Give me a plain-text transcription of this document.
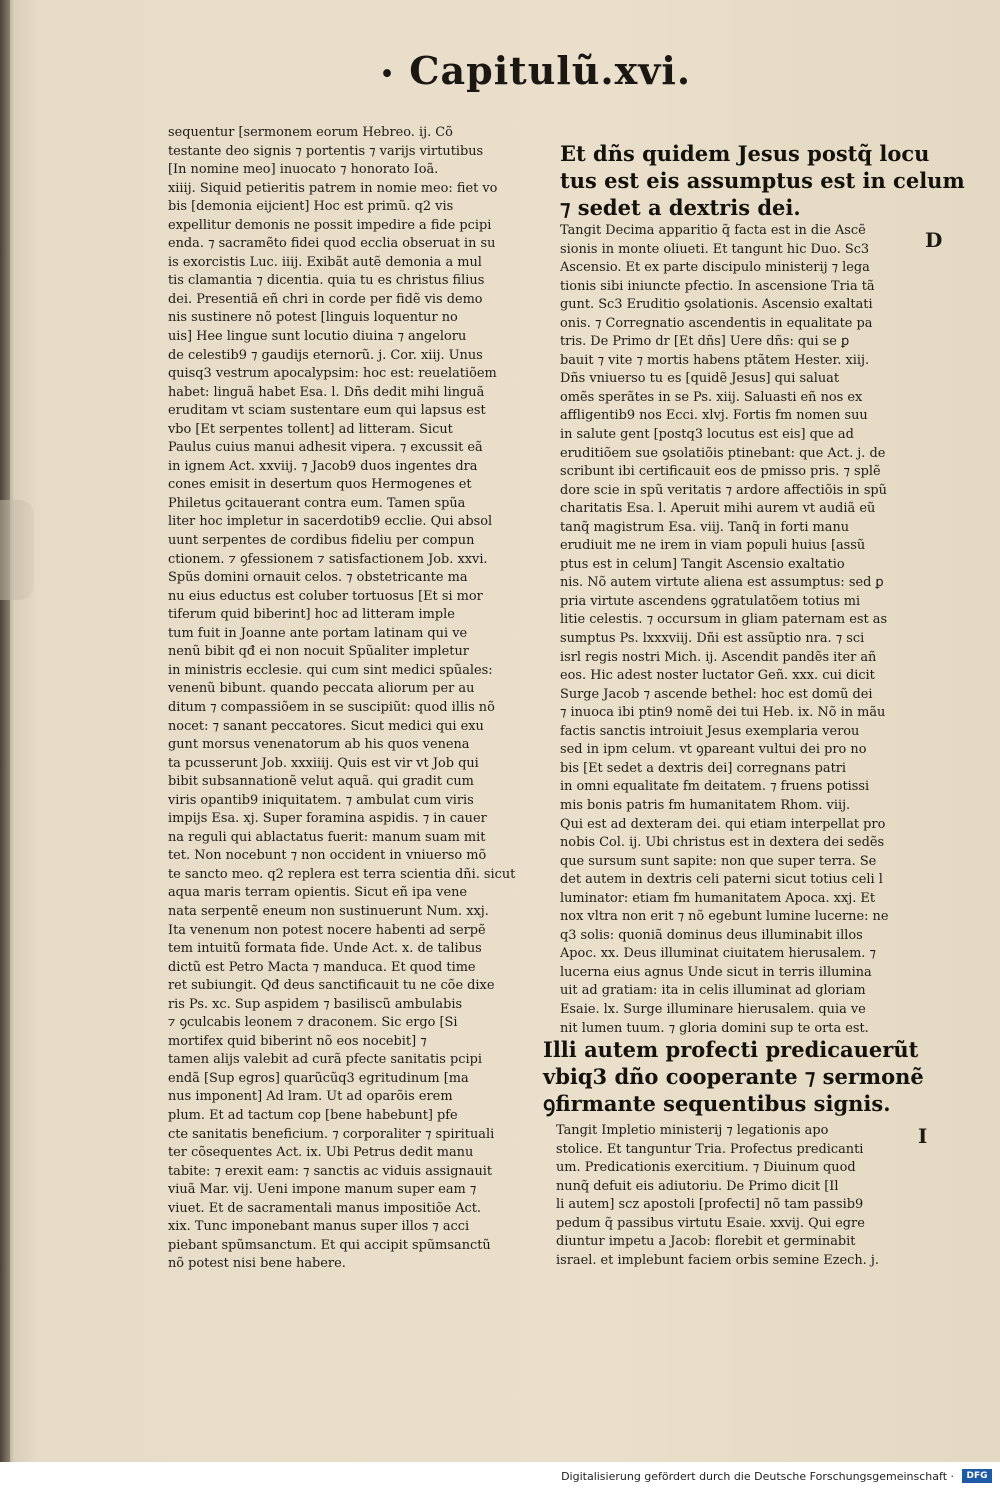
• Capitulũ.xvi.
sequentur [sermonem eorum Hebreo. ij. Cõ
testante deo signis ⁊ portentis ⁊ varijs virtutibus
[In nomine meo] inuocato ⁊ honorato Ioã.
xiiij. Siquid petieritis patrem in nomie meo: fiet vo
bis [demonia eijcient] Hoc est primũ. q2 vis
expellitur demonis ne possit impedire a fide pcipi
enda. ⁊ sacramẽto fidei quod ecclia obseruat in su
is exorcistis Luc. iiij. Exibãt autẽ demonia a mul
tis clamantia ⁊ dicentia. quia tu es christus filius
dei. Presentiã eñ chri in corde per fidẽ vis demo
nis sustinere nõ potest [linguis loquentur no
uis] Hee lingue sunt locutio diuina ⁊ angeloru
de celestib9 ⁊ gaudijs eternorũ. j. Cor. xiij. Unus
quisq3 vestrum apocalypsim: hoc est: reuelatiõem
habet: linguã habet Esa. l. Dñs dedit mihi linguã
eruditam vt sciam sustentare eum qui lapsus est
vbo [Et serpentes tollent] ad litteram. Sicut
Paulus cuius manui adhesit vipera. ⁊ excussit eã
in ignem Act. xxviij. ⁊ Jacob9 duos ingentes dra
cones emisit in desertum quos Hermogenes et
Philetus ꝯcitauerant contra eum. Tamen spũa
liter hoc impletur in sacerdotib9 ecclie. Qui absol
uunt serpentes de cordibus fideliu per compun
ctionem. ⁊ ꝯfessionem ⁊ satisfactionem Job. xxvi.
Spũs domini ornauit celos. ⁊ obstetricante ma
nu eius eductus est coluber tortuosus [Et si mor
tiferum quid biberint] hoc ad litteram imple
tum fuit in Joanne ante portam latinam qui ve
nenũ bibit qđ ei non nocuit Spũaliter impletur
in ministris ecclesie. qui cum sint medici spũales:
venenũ bibunt. quando peccata aliorum per au
ditum ⁊ compassiõem in se suscipiũt: quod illis nõ
nocet: ⁊ sanant peccatores. Sicut medici qui exu
gunt morsus venenatorum ab his quos venena
ta pcusserunt Job. xxxiiij. Quis est vir vt Job qui
bibit subsannationẽ velut aquã. qui gradit cum
viris opantib9 iniquitatem. ⁊ ambulat cum viris
impijs Esa. xj. Super foramina aspidis. ⁊ in cauer
na reguli qui ablactatus fuerit: manum suam mit
tet. Non nocebunt ⁊ non occident in vniuerso mõ
te sancto meo. q2 replera est terra scientia dñi. sicut
aqua maris terram opientis. Sicut eñ ipa vene
nata serpentẽ eneum non sustinuerunt Num. xxj.
Ita venenum non potest nocere habenti ad serpẽ
tem intuitũ formata fide. Unde Act. x. de talibus
dictũ est Petro Macta ⁊ manduca. Et quod time
ret subiungit. Qđ deus sanctificauit tu ne cõe dixe
ris Ps. xc. Sup aspidem ⁊ basiliscũ ambulabis
⁊ ꝯculcabis leonem ⁊ draconem. Sic ergo [Si
mortifex quid biberint nõ eos nocebit] ⁊
tamen alijs valebit ad curã pfecte sanitatis pcipi
endã [Sup egros] quarũcũq3 egritudinum [ma
nus imponent] Ad lram. Ut ad oparõis erem
plum. Et ad tactum cop [bene habebunt] pfe
cte sanitatis beneficium. ⁊ corporaliter ⁊ spirituali
ter cõsequentes Act. ix. Ubi Petrus dedit manu
tabite: ⁊ erexit eam: ⁊ sanctis ac viduis assignauit
viuã Mar. vij. Ueni impone manum super eam ⁊
viuet. Et de sacramentali manus impositiõe Act.
xix. Tunc imponebant manus super illos ⁊ acci
piebant spũmsanctum. Et qui accipit spũmsanctũ
nõ potest nisi bene habere.
Et dñs quidem Jesus postq̃ locu
tus est eis assumptus est in celum
⁊ sedet a dextris dei.
Tangit Decima apparitio q̃ facta est in die Ascẽ
sionis in monte oliueti. Et tangunt hic Duo. Sc3
Ascensio. Et ex parte discipulo ministerij ⁊ lega
tionis sibi iniuncte pfectio. In ascensione Tria tã
gunt. Sc3 Eruditio ꝯsolationis. Ascensio exaltati
onis. ⁊ Corregnatio ascendentis in equalitate pa
tris. De Primo dr [Et dñs] Uere dñs: qui se ꝑ
bauit ⁊ vite ⁊ mortis habens ptãtem Hester. xiij.
Dñs vniuerso tu es [quidẽ Jesus] qui saluat
omẽs sperãtes in se Ps. xiij. Saluasti eñ nos ex
affligentib9 nos Ecci. xlvj. Fortis fm nomen suu
in salute gent [postq3 locutus est eis] que ad
eruditiõem sue ꝯsolatiõis ptinebant: que Act. j. de
scribunt ibi certificauit eos de pmisso pris. ⁊ splẽ
dore scie in spũ veritatis ⁊ ardore affectiõis in spũ
charitatis Esa. l. Aperuit mihi aurem vt audiã eũ
tanq̃ magistrum Esa. viij. Tanq̃ in forti manu
erudiuit me ne irem in viam populi huius [assũ
ptus est in celum] Tangit Ascensio exaltatio
nis. Nõ autem virtute aliena est assumptus: sed ꝑ
pria virtute ascendens ꝯgratulatõem totius mi
litie celestis. ⁊ occursum in gliam paternam est as
sumptus Ps. lxxxviij. Dñi est assũptio nra. ⁊ sci
isrl regis nostri Mich. ij. Ascendit pandẽs iter añ
eos. Hic adest noster luctator Geñ. xxx. cui dicit
Surge Jacob ⁊ ascende bethel: hoc est domũ dei
⁊ inuoca ibi ptin9 nomẽ dei tui Heb. ix. Nõ in mãu
factis sanctis introiuit Jesus exemplaria verou
sed in ipm celum. vt ꝯpareant vultui dei pro no
bis [Et sedet a dextris dei] corregnans patri
in omni equalitate fm deitatem. ⁊ fruens potissi
mis bonis patris fm humanitatem Rhom. viij.
Qui est ad dexteram dei. qui etiam interpellat pro
nobis Col. ij. Ubi christus est in dextera dei sedẽs
que sursum sunt sapite: non que super terra. Se
det autem in dextris celi paterni sicut totius celi l
luminator: etiam fm humanitatem Apoca. xxj. Et
nox vltra non erit ⁊ nõ egebunt lumine lucerne: ne
q3 solis: quoniã dominus deus illuminabit illos
Apoc. xx. Deus illuminat ciuitatem hierusalem. ⁊
lucerna eius agnus Unde sicut in terris illumina
uit ad gratiam: ita in celis illuminat ad gloriam
Esaie. lx. Surge illuminare hierusalem. quia ve
nit lumen tuum. ⁊ gloria domini sup te orta est.
D
Illi autem profecti predicauerũt
vbiq3 dño cooperante ⁊ sermonẽ
ꝯfirmante sequentibus signis.
Tangit Impletio ministerij ⁊ legationis apo
stolice. Et tanguntur Tria. Profectus predicanti
um. Predicationis exercitium. ⁊ Diuinum quod
nunq̃ defuit eis adiutoriu. De Primo dicit [Il
li autem] scz apostoli [profecti] nõ tam passib9
pedum q̃ passibus virtutu Esaie. xxvij. Qui egre
diuntur impetu a Jacob: florebit et germinabit
israel. et implebunt faciem orbis semine Ezech. j.
I
Digitalisierung gefördert durch die Deutsche Forschungsgemeinschaft ·	DFG
